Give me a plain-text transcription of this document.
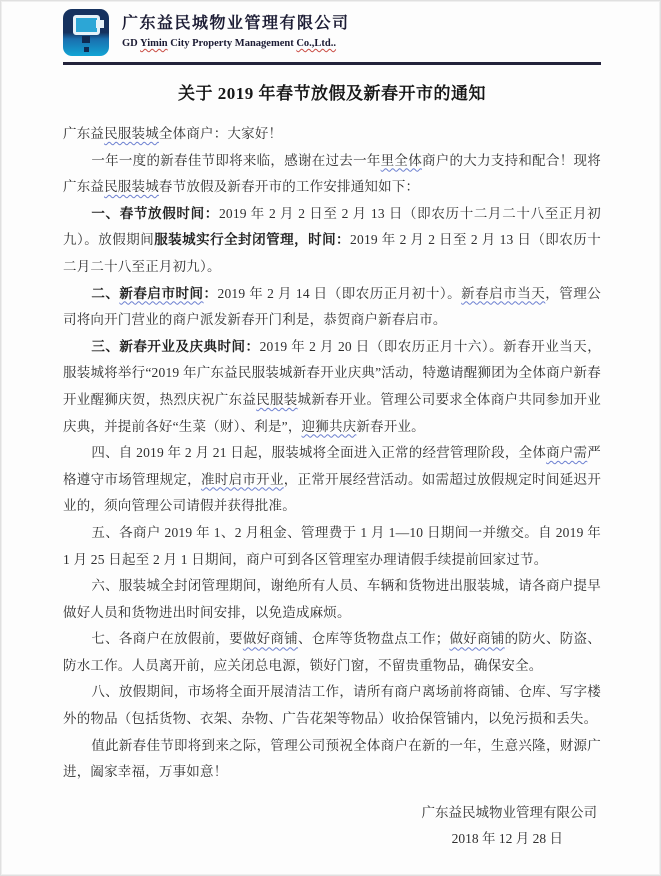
广东益民城物业管理有限公司
GD Yimin City Property Management Co.,Ltd..
关于 2019 年春节放假及新春开市的通知

广东益民服装城全体商户：大家好！

一年一度的新春佳节即将来临，感谢在过去一年里全体商户的大力支持和配合！现将广东益民服装城春节放假及新春开市的工作安排通知如下：

一、春节放假时间：2019 年 2 月 2 日至 2 月 13 日（即农历十二月二十八至正月初九）。放假期间服装城实行全封闭管理，时间：2019 年 2 月 2 日至 2 月 13 日（即农历十二月二十八至正月初九）。

二、新春启市时间：2019 年 2 月 14 日（即农历正月初十）。新春启市当天，管理公司将向开门营业的商户派发新春开门利是，恭贺商户新春启市。

三、新春开业及庆典时间：2019 年 2 月 20 日（即农历正月十六）。新春开业当天，服装城将举行“2019 年广东益民服装城新春开业庆典”活动，特邀请醒狮团为全体商户新春开业醒狮庆贺，热烈庆祝广东益民服装城新春开业。管理公司要求全体商户共同参加开业庆典，并提前各好“生菜（财）、利是”，迎狮共庆新春开业。

四、自 2019 年 2 月 21 日起，服装城将全面进入正常的经营管理阶段，全体商户需严格遵守市场管理规定，准时启市开业，正常开展经营活动。如需超过放假规定时间延迟开业的，须向管理公司请假并获得批准。

五、各商户 2019 年 1、2 月租金、管理费于 1 月 1—10 日期间一并缴交。自 2019 年 1 月 25 日起至 2 月 1 日期间，商户可到各区管理室办理请假手续提前回家过节。

六、服装城全封闭管理期间，谢绝所有人员、车辆和货物进出服装城，请各商户提早做好人员和货物进出时间安排，以免造成麻烦。

七、各商户在放假前，要做好商铺、仓库等货物盘点工作；做好商铺的防火、防盗、防水工作。人员离开前，应关闭总电源，锁好门窗，不留贵重物品，确保安全。

八、放假期间，市场将全面开展清洁工作，请所有商户离场前将商铺、仓库、写字楼外的物品（包括货物、衣架、杂物、广告花架等物品）收拾保管铺内，以免污损和丢失。

值此新春佳节即将到来之际，管理公司预祝全体商户在新的一年，生意兴隆，财源广进，阖家幸福，万事如意！

广东益民城物业管理有限公司
2018 年 12 月 28 日
